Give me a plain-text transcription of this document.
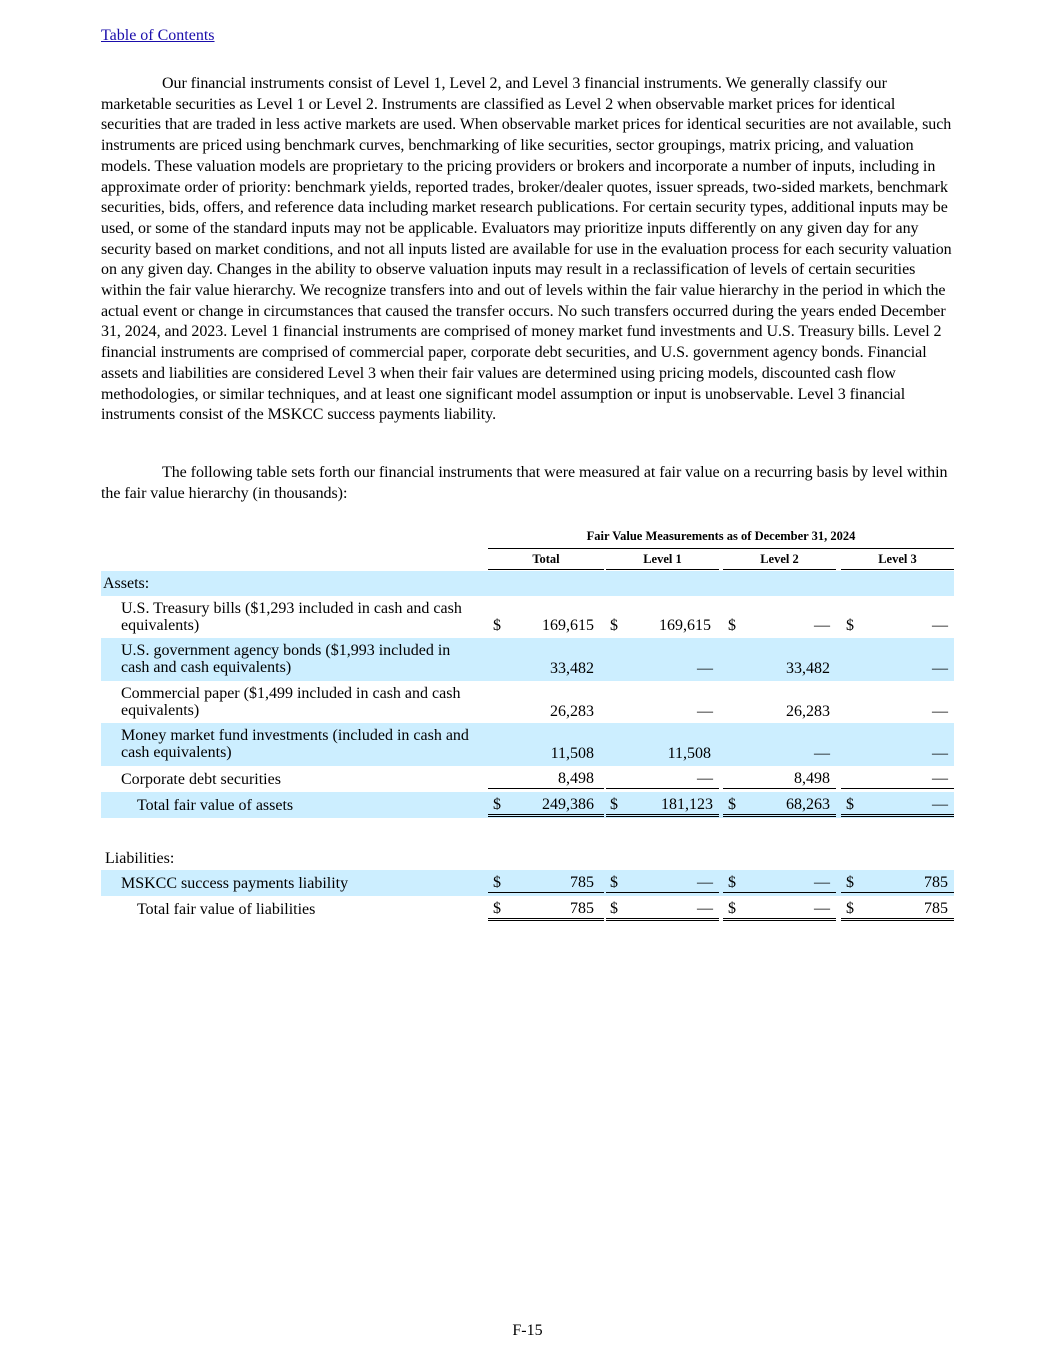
Table of Contents

Our financial instruments consist of Level 1, Level 2, and Level 3 financial instruments. We generally classify our marketable securities as Level 1 or Level 2. Instruments are classified as Level 2 when observable market prices for identical securities that are traded in less active markets are used. When observable market prices for identical securities are not available, such instruments are priced using benchmark curves, benchmarking of like securities, sector groupings, matrix pricing, and valuation models. These valuation models are proprietary to the pricing providers or brokers and incorporate a number of inputs, including in approximate order of priority: benchmark yields, reported trades, broker/dealer quotes, issuer spreads, two-sided markets, benchmark securities, bids, offers, and reference data including market research publications. For certain security types, additional inputs may be used, or some of the standard inputs may not be applicable. Evaluators may prioritize inputs differently on any given day for any security based on market conditions, and not all inputs listed are available for use in the evaluation process for each security valuation on any given day. Changes in the ability to observe valuation inputs may result in a reclassification of levels of certain securities within the fair value hierarchy. We recognize transfers into and out of levels within the fair value hierarchy in the period in which the actual event or change in circumstances that caused the transfer occurs. No such transfers occurred during the years ended December 31, 2024, and 2023. Level 1 financial instruments are comprised of money market fund investments and U.S. Treasury bills. Level 2 financial instruments are comprised of commercial paper, corporate debt securities, and U.S. government agency bonds. Financial assets and liabilities are considered Level 3 when their fair values are determined using pricing models, discounted cash flow methodologies, or similar techniques, and at least one significant model assumption or input is unobservable. Level 3 financial instruments consist of the MSKCC success payments liability.

The following table sets forth our financial instruments that were measured at fair value on a recurring basis by level within the fair value hierarchy (in thousands):

Fair Value Measurements as of December 31, 2024
Total	Level 1	Level 2	Level 3
Assets:
U.S. Treasury bills ($1,293 included in cash and cash equivalents)	$	169,615 $	169,615 $	— $	—
U.S. government agency bonds ($1,993 included in cash and cash equivalents)	33,482	—	33,482	—
Commercial paper ($1,499 included in cash and cash equivalents)	26,283	—	26,283	—
Money market fund investments (included in cash and cash equivalents)	11,508	11,508	—	—
Corporate debt securities	8,498	—	8,498	—
Total fair value of assets	$	249,386 $	181,123 $	68,263 $	—
Liabilities:
MSKCC success payments liability	$	785 $	— $	— $	785
Total fair value of liabilities	$	785 $	— $	— $	785
F-15
